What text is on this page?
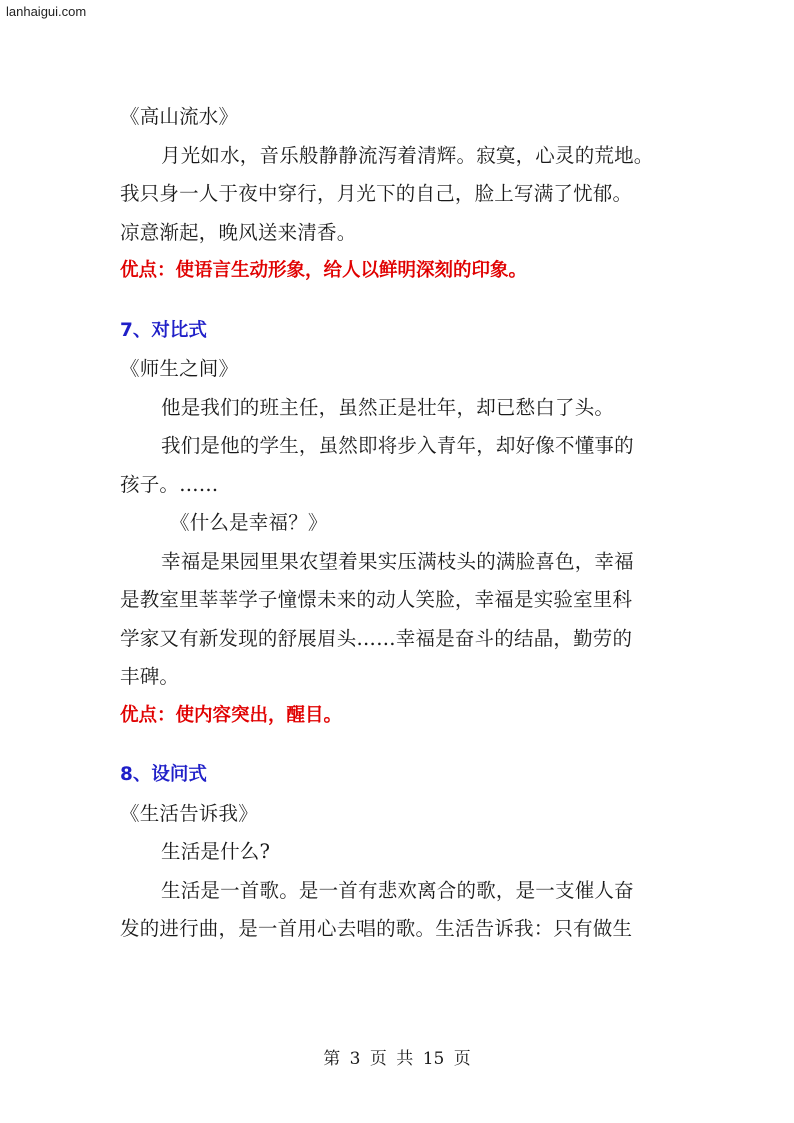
lanhaigui.com
《高山流水》
月光如水，音乐般静静流泻着清辉。寂寞，心灵的荒地。
我只身一人于夜中穿行，月光下的自己，脸上写满了忧郁。
凉意渐起，晚风送来清香。
优点：使语言生动形象，给人以鲜明深刻的印象。
7、对比式
《师生之间》
他是我们的班主任，虽然正是壮年，却已愁白了头。
我们是他的学生，虽然即将步入青年，却好像不懂事的
孩子。……
《什么是幸福？》
幸福是果园里果农望着果实压满枝头的满脸喜色，幸福
是教室里莘莘学子憧憬未来的动人笑脸，幸福是实验室里科
学家又有新发现的舒展眉头……幸福是奋斗的结晶，勤劳的
丰碑。
优点：使内容突出，醒目。
8、设问式
《生活告诉我》
生活是什么?
生活是一首歌。是一首有悲欢离合的歌，是一支催人奋
发的进行曲，是一首用心去唱的歌。生活告诉我：只有做生
第 3 页 共 15 页
